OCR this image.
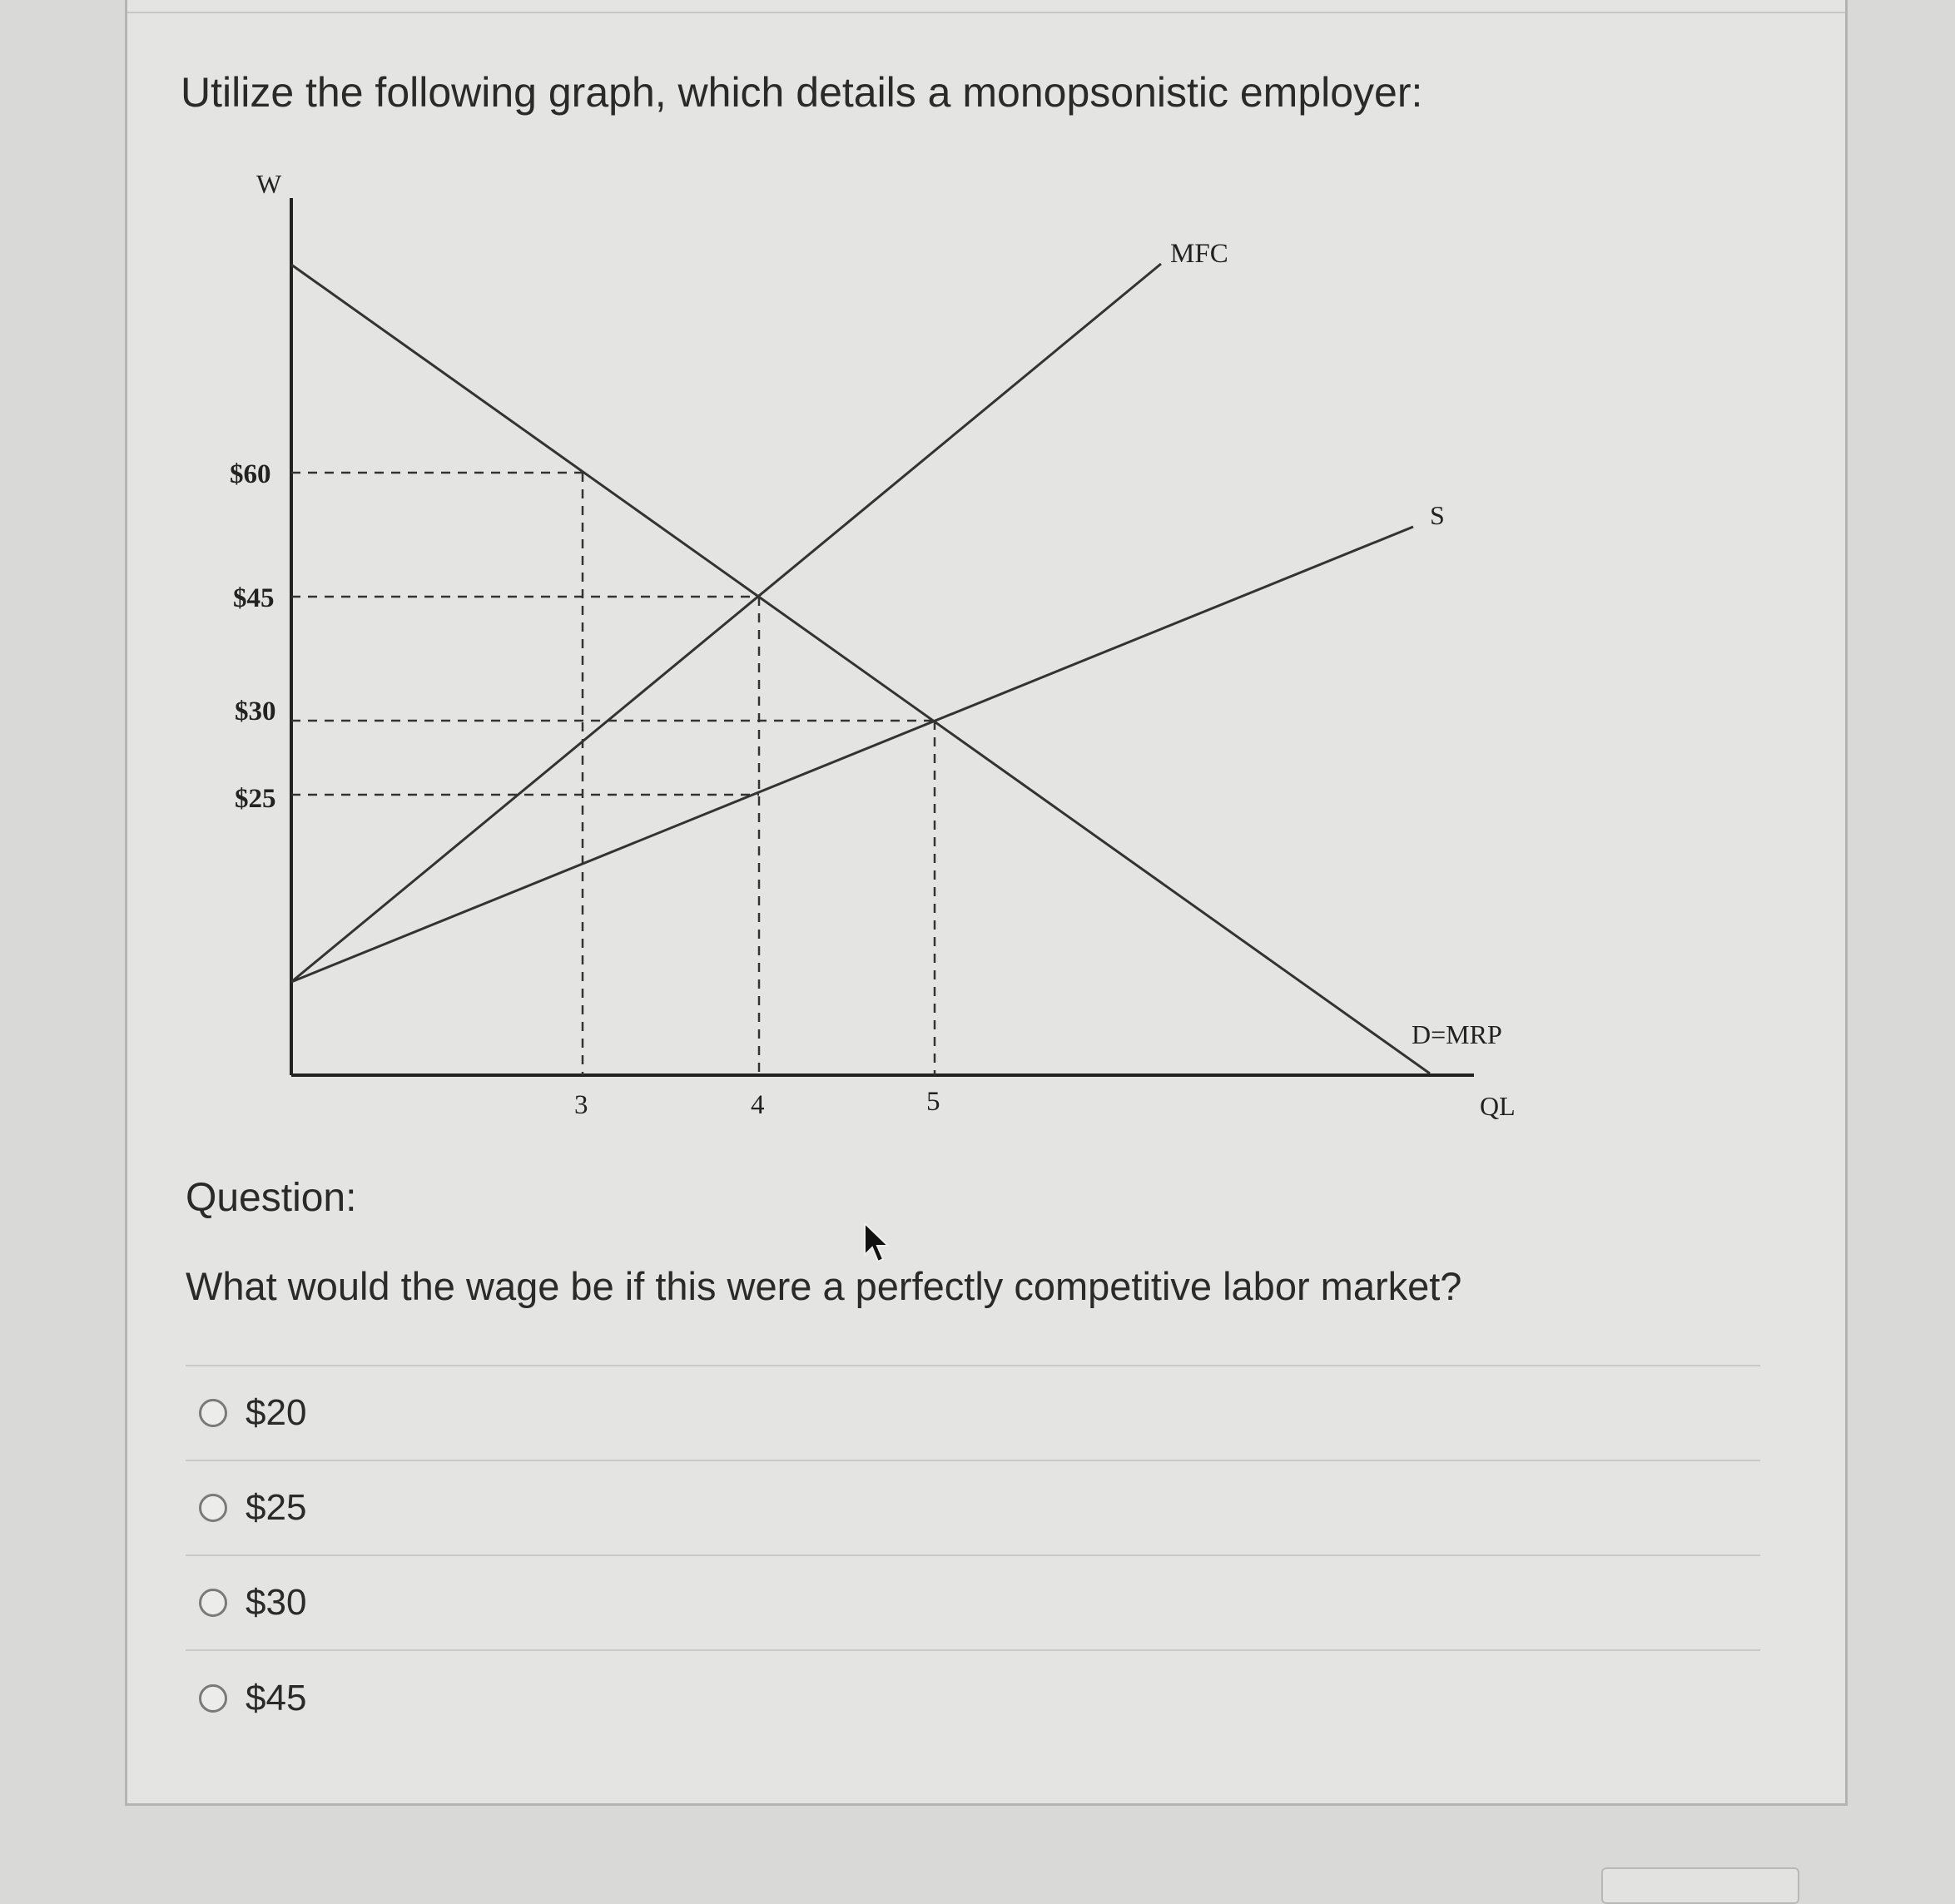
Utilize the following graph, which details a monopsonistic employer:
W
QL
MFC
S
D=MRP
$60
$45
$30
$25
3	4	5
Question:
What would the wage be if this were a perfectly competitive labor market?
$20
$25
$30
$45
